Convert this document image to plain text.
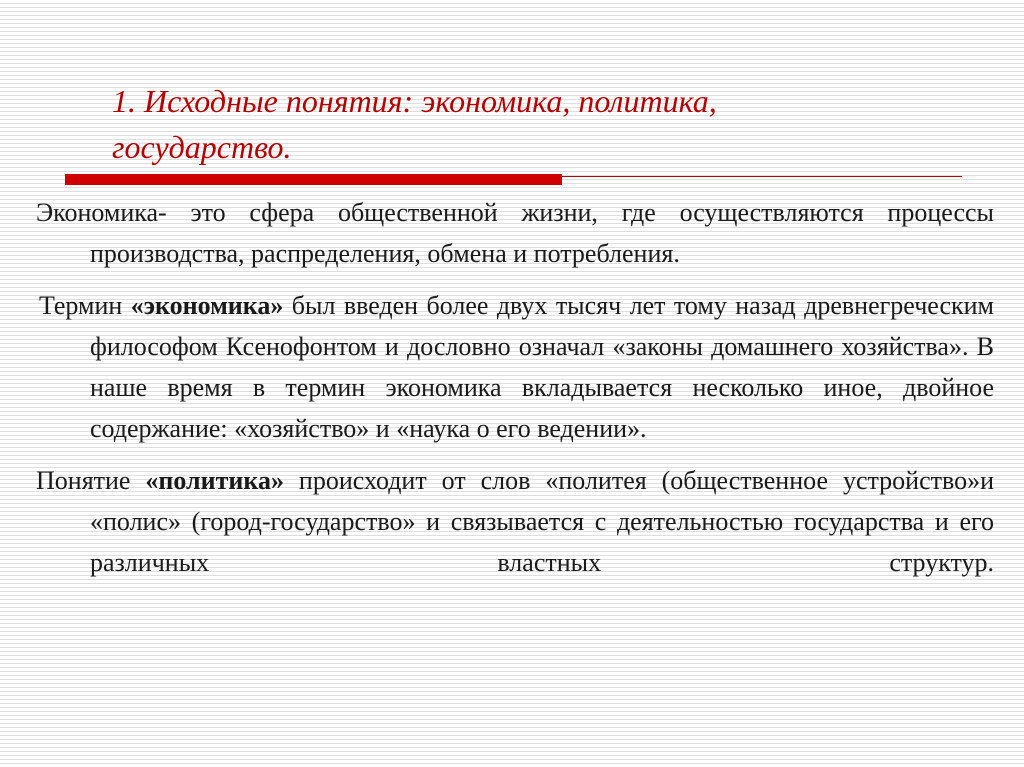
1. Исходные понятия: экономика, политика,
государство.

Экономика- это сфера общественной жизни, где осуществляются процессы производства, распределения, обмена и потребления.

Термин «экономика» был введен более двух тысяч лет тому назад древнегреческим философом Ксенофонтом и дословно означал «законы домашнего хозяйства». В наше время в термин экономика вкладывается несколько иное, двойное содержание: «хозяйство» и «наука о его ведении».

Понятие «политика» происходит от слов «политея (общественное устройство»и «полис» (город-государство» и связывается с деятельностью государства и его различных властных структур.
